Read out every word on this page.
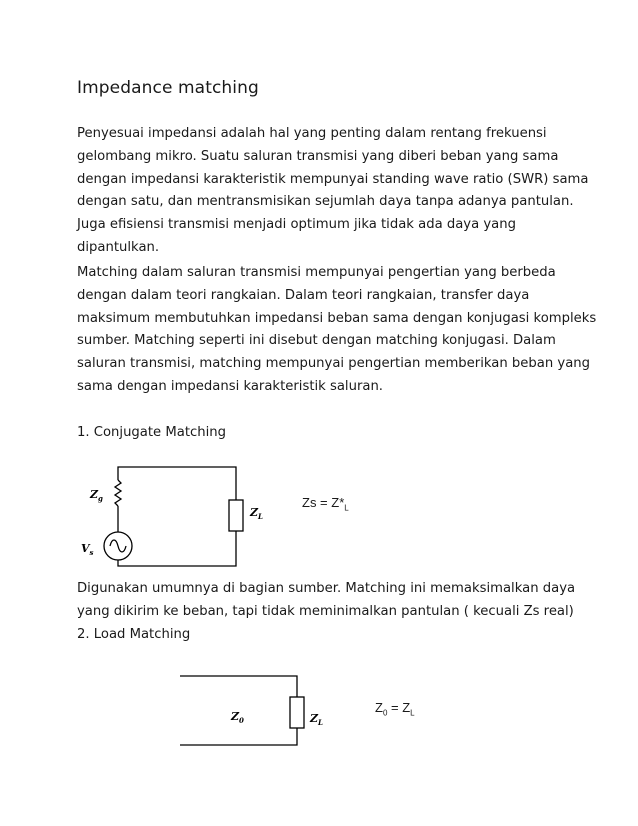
Impedance matching
Penyesuai impedansi adalah hal yang penting dalam rentang frekuensi
gelombang mikro. Suatu saluran transmisi yang diberi beban yang sama
dengan impedansi karakteristik mempunyai standing wave ratio (SWR) sama
dengan satu, dan mentransmisikan sejumlah daya tanpa adanya pantulan.
Juga efisiensi transmisi menjadi optimum jika tidak ada daya yang
dipantulkan.
Matching dalam saluran transmisi mempunyai pengertian yang berbeda
dengan dalam teori rangkaian. Dalam teori rangkaian, transfer daya
maksimum membutuhkan impedansi beban sama dengan konjugasi kompleks
sumber. Matching seperti ini disebut dengan matching konjugasi. Dalam
saluran transmisi, matching mempunyai pengertian memberikan beban yang
sama dengan impedansi karakteristik saluran.
1. Conjugate Matching
$Z_g$
$V_s$
$Z_L$
$Zs = Z*_L$
Digunakan umumnya di bagian sumber. Matching ini memaksimalkan daya
yang dikirim ke beban, tapi tidak meminimalkan pantulan ( kecuali Zs real)
2. Load Matching
$Z_0$	$Z_L$
$Z_0 = Z_L$
